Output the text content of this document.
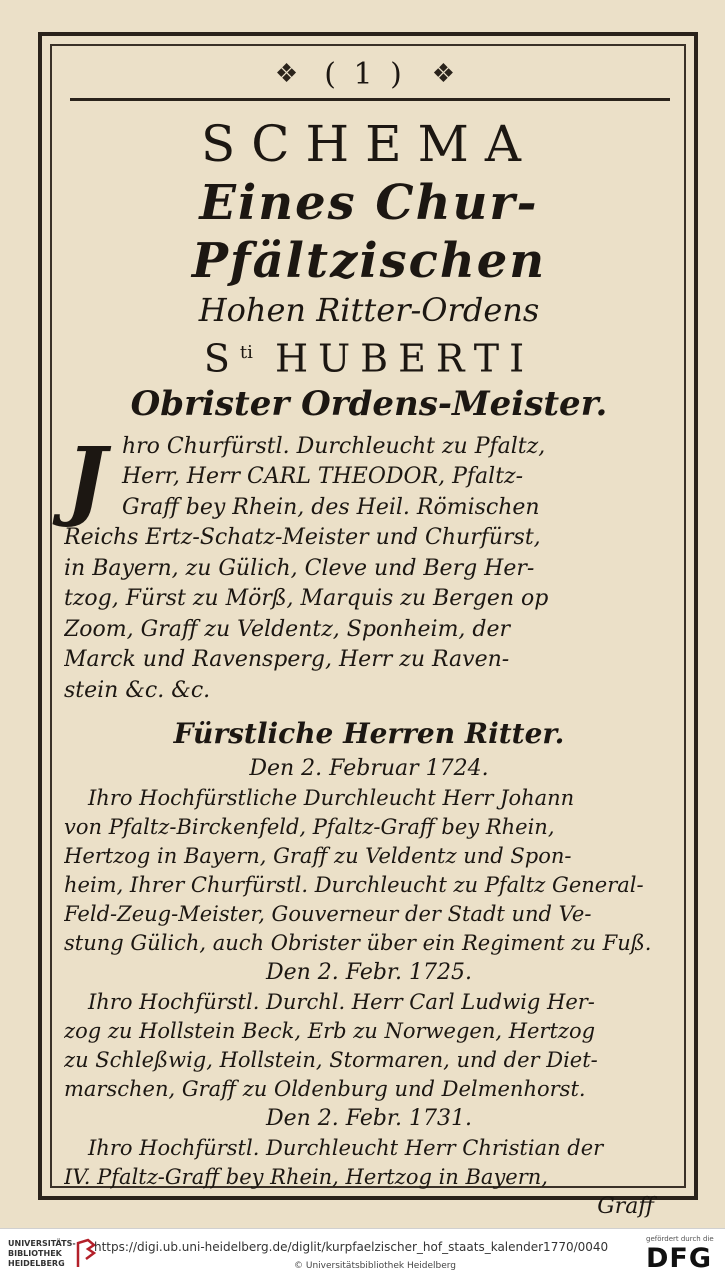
❖ ( 1 ) ❖
SCHEMA
Eines Chur-Pfältzischen
Hohen Ritter-Ordens
$S^{ti}$ HUBERTI
Obrister Ordens-Meister.
J hro Churfürstl. Durchleucht zu Pfaltz,
Herr, Herr CARL THEODOR, Pfaltz-
Graff bey Rhein, des Heil. Römischen
Reichs Ertz-Schatz-Meister und Churfürst,
in Bayern, zu Gülich, Cleve und Berg Her-
tzog, Fürst zu Mörß, Marquis zu Bergen op
Zoom, Graff zu Veldentz, Sponheim, der
Marck und Ravensperg, Herr zu Raven-
stein &c. &c.
Fürstliche Herren Ritter.
Den 2. Februar 1724.
Ihro Hochfürstliche Durchleucht Herr Johann
von Pfaltz-Birckenfeld, Pfaltz-Graff bey Rhein,
Hertzog in Bayern, Graff zu Veldentz und Spon-
heim, Ihrer Churfürstl. Durchleucht zu Pfaltz General-
Feld-Zeug-Meister, Gouverneur der Stadt und Ve-
stung Gülich, auch Obrister über ein Regiment zu Fuß.
Den 2. Febr. 1725.
Ihro Hochfürstl. Durchl. Herr Carl Ludwig Her-
zog zu Hollstein Beck, Erb zu Norwegen, Hertzog
zu Schleßwig, Hollstein, Stormaren, und der Diet-
marschen, Graff zu Oldenburg und Delmenhorst.
Den 2. Febr. 1731.
Ihro Hochfürstl. Durchleucht Herr Christian der
IV. Pfaltz-Graff bey Rhein, Hertzog in Bayern,
Graff
UNIVERSITÄTS-
BIBLIOTHEK
HEIDELBERG
https://digi.ub.uni-heidelberg.de/diglit/kurpfaelzischer_hof_staats_kalender1770/0040
© Universitätsbibliothek Heidelberg
gefördert durch die
DFG
